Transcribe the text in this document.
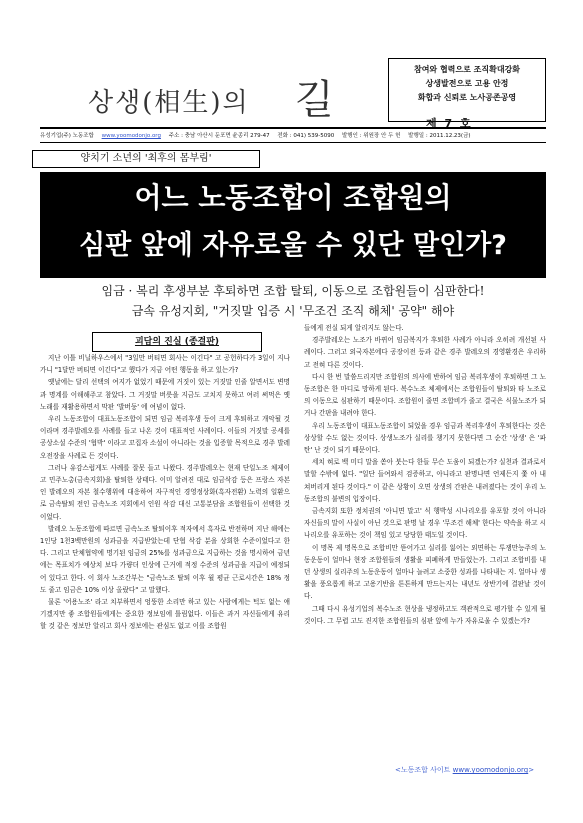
상생(相生)의 길
참여와 협력으로 조직확대강화
상생발전으로 고용 안정
화합과 신뢰로 노사공존공영
제 7 호
유성기업(주) 노동조합 www.yoomodonjo.org 주소 : 충남 아산시 둔포면 윤종리 279-47 전화 : 041) 539-5090 발행인 : 위원장 안 두 헌 발행일 : 2011.12.23(금)
양치기 소년의 '최후의 몸부림'
어느 노동조합이 조합원의
심판 앞에 자유로울 수 있단 말인가?
임금 · 복리 후생부분 후퇴하면 조합 탈퇴, 이동으로 조합원들이 심판한다!
금속 유성지회, "거짓말 입증 시 '무조건 조직 해체' 공약" 해야
괴담의 진실 (종결판)

지난 이틀 비닐하우스에서 "3일만 버티면 회사는 이긴다" 고 공헌하다가 3일이 지나가니 "1달만 버티면 이긴다"고 했다가 지금 어떤 행동을 하고 있는가?

옛날에는 달리 선택의 여지가 없었기 때문에 거짓이 있는 거짓말 인줄 알면서도 변명과 명계를 이해해주고 참았다. 그 거짓말 버릇을 지금도 고치지 못하고 여러 써먹은 옛 노래를 재활용하면서 막판 '발버둥' 에 여념이 없다.

우리 노동조합이 대표노동조합이 되면 임금 복리후생 등이 크게 후퇴하고 개악될 것이라며 경주발레오를 사례를 들고 나온 것이 대표적인 사례이다. 이들의 거짓말 공세를 공상소설 수준의 '협박' 이라고 꼬집자 소설이 아니라는 것을 입증할 목적으로 경주 발레오전장을 사례로 든 것이다.

그러나 유감스럽게도 사례를 잘못 들고 나왔다. 경주발레오는 현재 단일노조 체제이고 민주노총(금속지회)을 탈퇴한 상태다. 이미 알려진 대로 임금삭감 등은 프랑스 자본인 발레오의 자본 철수행위에 대응하여 자구적인 경영정상화(흑자전환) 노력의 일환으로 금속탈퇴 전인 금속노조 지회에서 인원 삭감 대신 고통분담을 조합원들이 선택한 것이었다.

발레오 노동조합에 따르면 금속노조 탈퇴이후 적자에서 흑자로 반전하며 지난 해에는 1인당 1천3백만원의 성과금을 지급받았는데 단협 삭감 분을 상회한 수준이었다고 한다. 그리고 단체협약에 명기된 임금의 25%를 성과금으로 지급하는 것을 명시하여 금년에는 목표치가 예상치 보다 가량더 인상에 근거에 적정 수준의 성과금을 지급이 예정되어 있다고 한다. 이 회사 노조간부는 "금속노조 탈퇴 이후 월 평균 근로시간은 18% 정도 줄고 임금은 10% 이상 올랐다" 고 말했다.

물론 '어용노조' 라고 치부하면서 엉뚱한 소리만 하고 있는 사람에게는 턱도 없는 얘기겠지만 좋 조합원들에게는 중요한 정보임에 틀림없다. 이들은 과거 자신들에게 유리할 것 같은 정보만 알리고 회사 정보에는 관심도 없고 이를 조합원

들에게 전실 되게 알리지도 않는다.

경주발레오는 노조가 바뀌어 임금복지가 후퇴한 사례가 아니라 오히려 개선된 사례이다. 그러고 외국자본에다 공장이전 등과 같은 경주 발레오의 경영환경은 우리하고 전혀 다른 것이다.

다시 한 번 말씀드리지만 조합원의 의사에 반하여 임금 복리후생이 후퇴하면 그 노동조합은 한 마디로 망하게 된다. 복수노조 체제에서는 조합원들이 탈퇴와 타 노조로의 이동으로 심판하기 때문이다. 조합원이 줄면 조합비가 줄고 결국은 식물노조가 되거나 간판을 내려야 한다.

우리 노동조합이 대표노동조합이 되었을 경우 임금과 복리후생이 후퇴한다는 것은 상상할 수도 없는 것이다. 상생노조가 실리를 챙기지 못한다면 그 순간 '상생' 은 '파탄' 난 것이 되기 때문이다.

세치 혀로 백 미디 말을 쏟아 붓는다 한들 무슨 도움이 되겠는가? 실천과 결과로서 말할 수밖에 없다. "일단 들여와서 검증하고, 아니라고 판명나면 언제든지 쫓 아 내 쳐버리게 된다 것이다." 이 같은 상황이 오면 상생의 간판은 내려졌다는 것이 우리 노동조합의 불변의 입장이다.

금속지회 또한 정치권의 '아니면 말고' 식 행박성 시나리오를 유포할 것이 아니라 자신들의 말이 사실이 아닌 것으로 판명 날 경우 '무조건 해체' 한다는 약속을 하고 시나리오를 유포하는 것이 책임 있고 당당한 태도일 것이다.

이 명목 제 명목으로 조합비만 뜯어가고 실리를 잃어는 외면하는 투쟁만능주의 노동운동이 얼마나 현장 조합원들의 생활을 피폐하게 만들었는가. 그리고 조합비를 내던 상생의 실리주의 노동운동이 얼마나 늘려고 소중한 성과를 나타내는 지. 얼마나 생활을 풍요롭게 하고 고용기반을 튼튼하게 만드는지는 내년도 상반기에 결판날 것이다.

그때 다시 유성기업의 복수노조 현상을 냉정하고도 객관적으로 평가할 수 있게 될 것이다. 그 무렵 고도 진지한 조합원들의 심판 앞에 누가 자유로울 수 있겠는가?

<노동조합 사이트 www.yoomodonjo.org>
